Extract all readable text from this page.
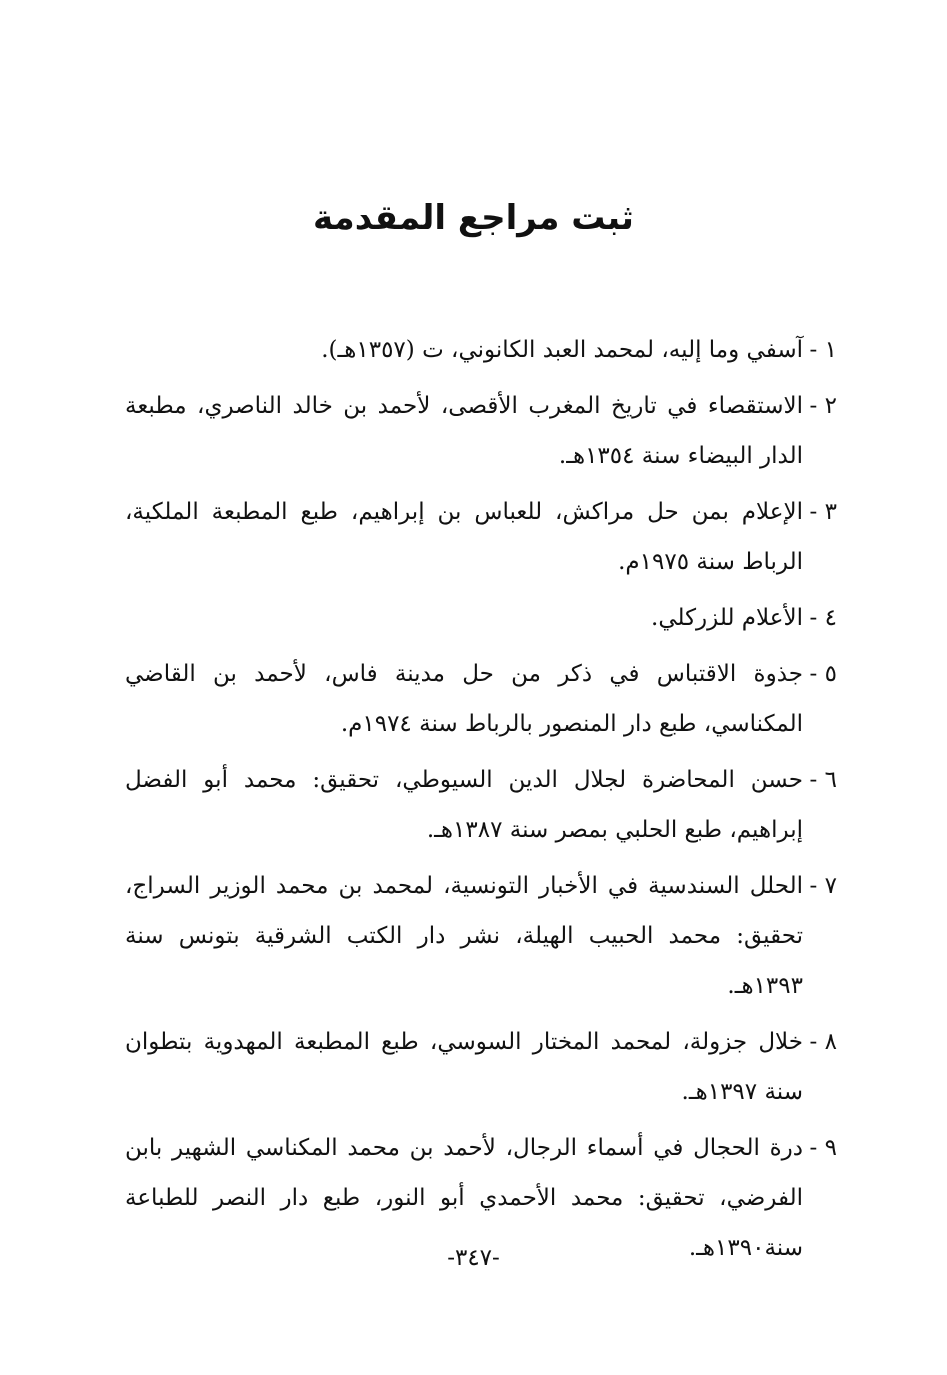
ثبت مراجع المقدمة
١ -آسفي وما إليه، لمحمد العبد الكانوني، ت (١٣٥٧هـ).
٢ -الاستقصاء في تاريخ المغرب الأقصى، لأحمد بن خالد الناصري، مطبعة الدار البيضاء سنة ١٣٥٤هـ.
٣ -الإعلام بمن حل مراكش، للعباس بن إبراهيم، طبع المطبعة الملكية، الرباط سنة ١٩٧٥م.
٤ -الأعلام للزركلي.
٥ -جذوة الاقتباس في ذكر من حل مدينة فاس، لأحمد بن القاضي المكناسي، طبع دار المنصور بالرباط سنة ١٩٧٤م.
٦ -حسن المحاضرة لجلال الدين السيوطي، تحقيق: محمد أبو الفضل إبراهيم، طبع الحلبي بمصر سنة ١٣٨٧هـ.
٧ -الحلل السندسية في الأخبار التونسية، لمحمد بن محمد الوزير السراج، تحقيق: محمد الحبيب الهيلة، نشر دار الكتب الشرقية بتونس سنة ١٣٩٣هـ.
٨ -خلال جزولة، لمحمد المختار السوسي، طبع المطبعة المهدوية بتطوان سنة ١٣٩٧هـ.
٩ -درة الحجال في أسماء الرجال، لأحمد بن محمد المكناسي الشهير بابن الفرضي، تحقيق: محمد الأحمدي أبو النور، طبع دار النصر للطباعة سنة١٣٩٠هـ.

-٣٤٧-
